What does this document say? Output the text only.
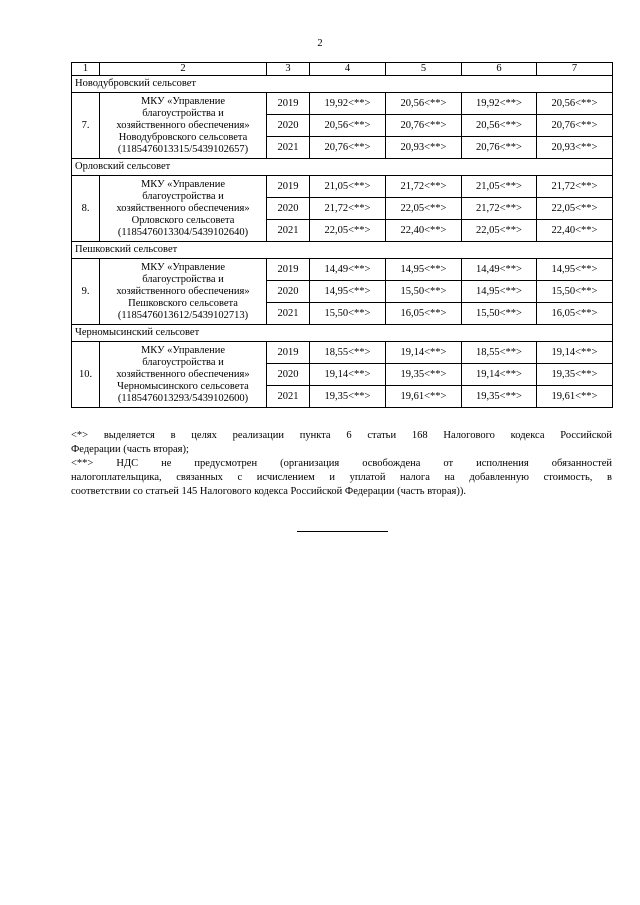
2
1	2	3	4	5	6	7
Новодубровский сельсовет						
7.	МКУ «Управление
благоустройства и
хозяйственного обеспечения»
Новодубровского сельсовета
(1185476013315/5439102657)	2019	19,92<**>	20,56<**>	19,92<**>	20,56<**>
		2020	20,56<**>	20,76<**>	20,56<**>	20,76<**>
		2021	20,76<**>	20,93<**>	20,76<**>	20,93<**>
Орловский сельсовет						
8.	МКУ «Управление
благоустройства и
хозяйственного обеспечения»
Орловского сельсовета
(1185476013304/5439102640)	2019	21,05<**>	21,72<**>	21,05<**>	21,72<**>
		2020	21,72<**>	22,05<**>	21,72<**>	22,05<**>
		2021	22,05<**>	22,40<**>	22,05<**>	22,40<**>
Пешковский сельсовет						
9.	МКУ «Управление
благоустройства и
хозяйственного обеспечения»
Пешковского сельсовета
(1185476013612/5439102713)	2019	14,49<**>	14,95<**>	14,49<**>	14,95<**>
		2020	14,95<**>	15,50<**>	14,95<**>	15,50<**>
		2021	15,50<**>	16,05<**>	15,50<**>	16,05<**>
Черномысинский сельсовет						
10.	МКУ «Управление
благоустройства и
хозяйственного обеспечения»
Черномысинского сельсовета
(1185476013293/5439102600)	2019	18,55<**>	19,14<**>	18,55<**>	19,14<**>
		2020	19,14<**>	19,35<**>	19,14<**>	19,35<**>
		2021	19,35<**>	19,61<**>	19,35<**>	19,61<**>

<*> выделяется в целях реализации пункта 6 статьи 168 Налогового кодекса Российской

Федерации (часть вторая);

<**> НДС не предусмотрен (организация освобождена от исполнения обязанностей

налогоплательщика, связанных с исчислением и уплатой налога на добавленную стоимость, в

соответствии со статьей 145 Налогового кодекса Российской Федерации (часть вторая)).
